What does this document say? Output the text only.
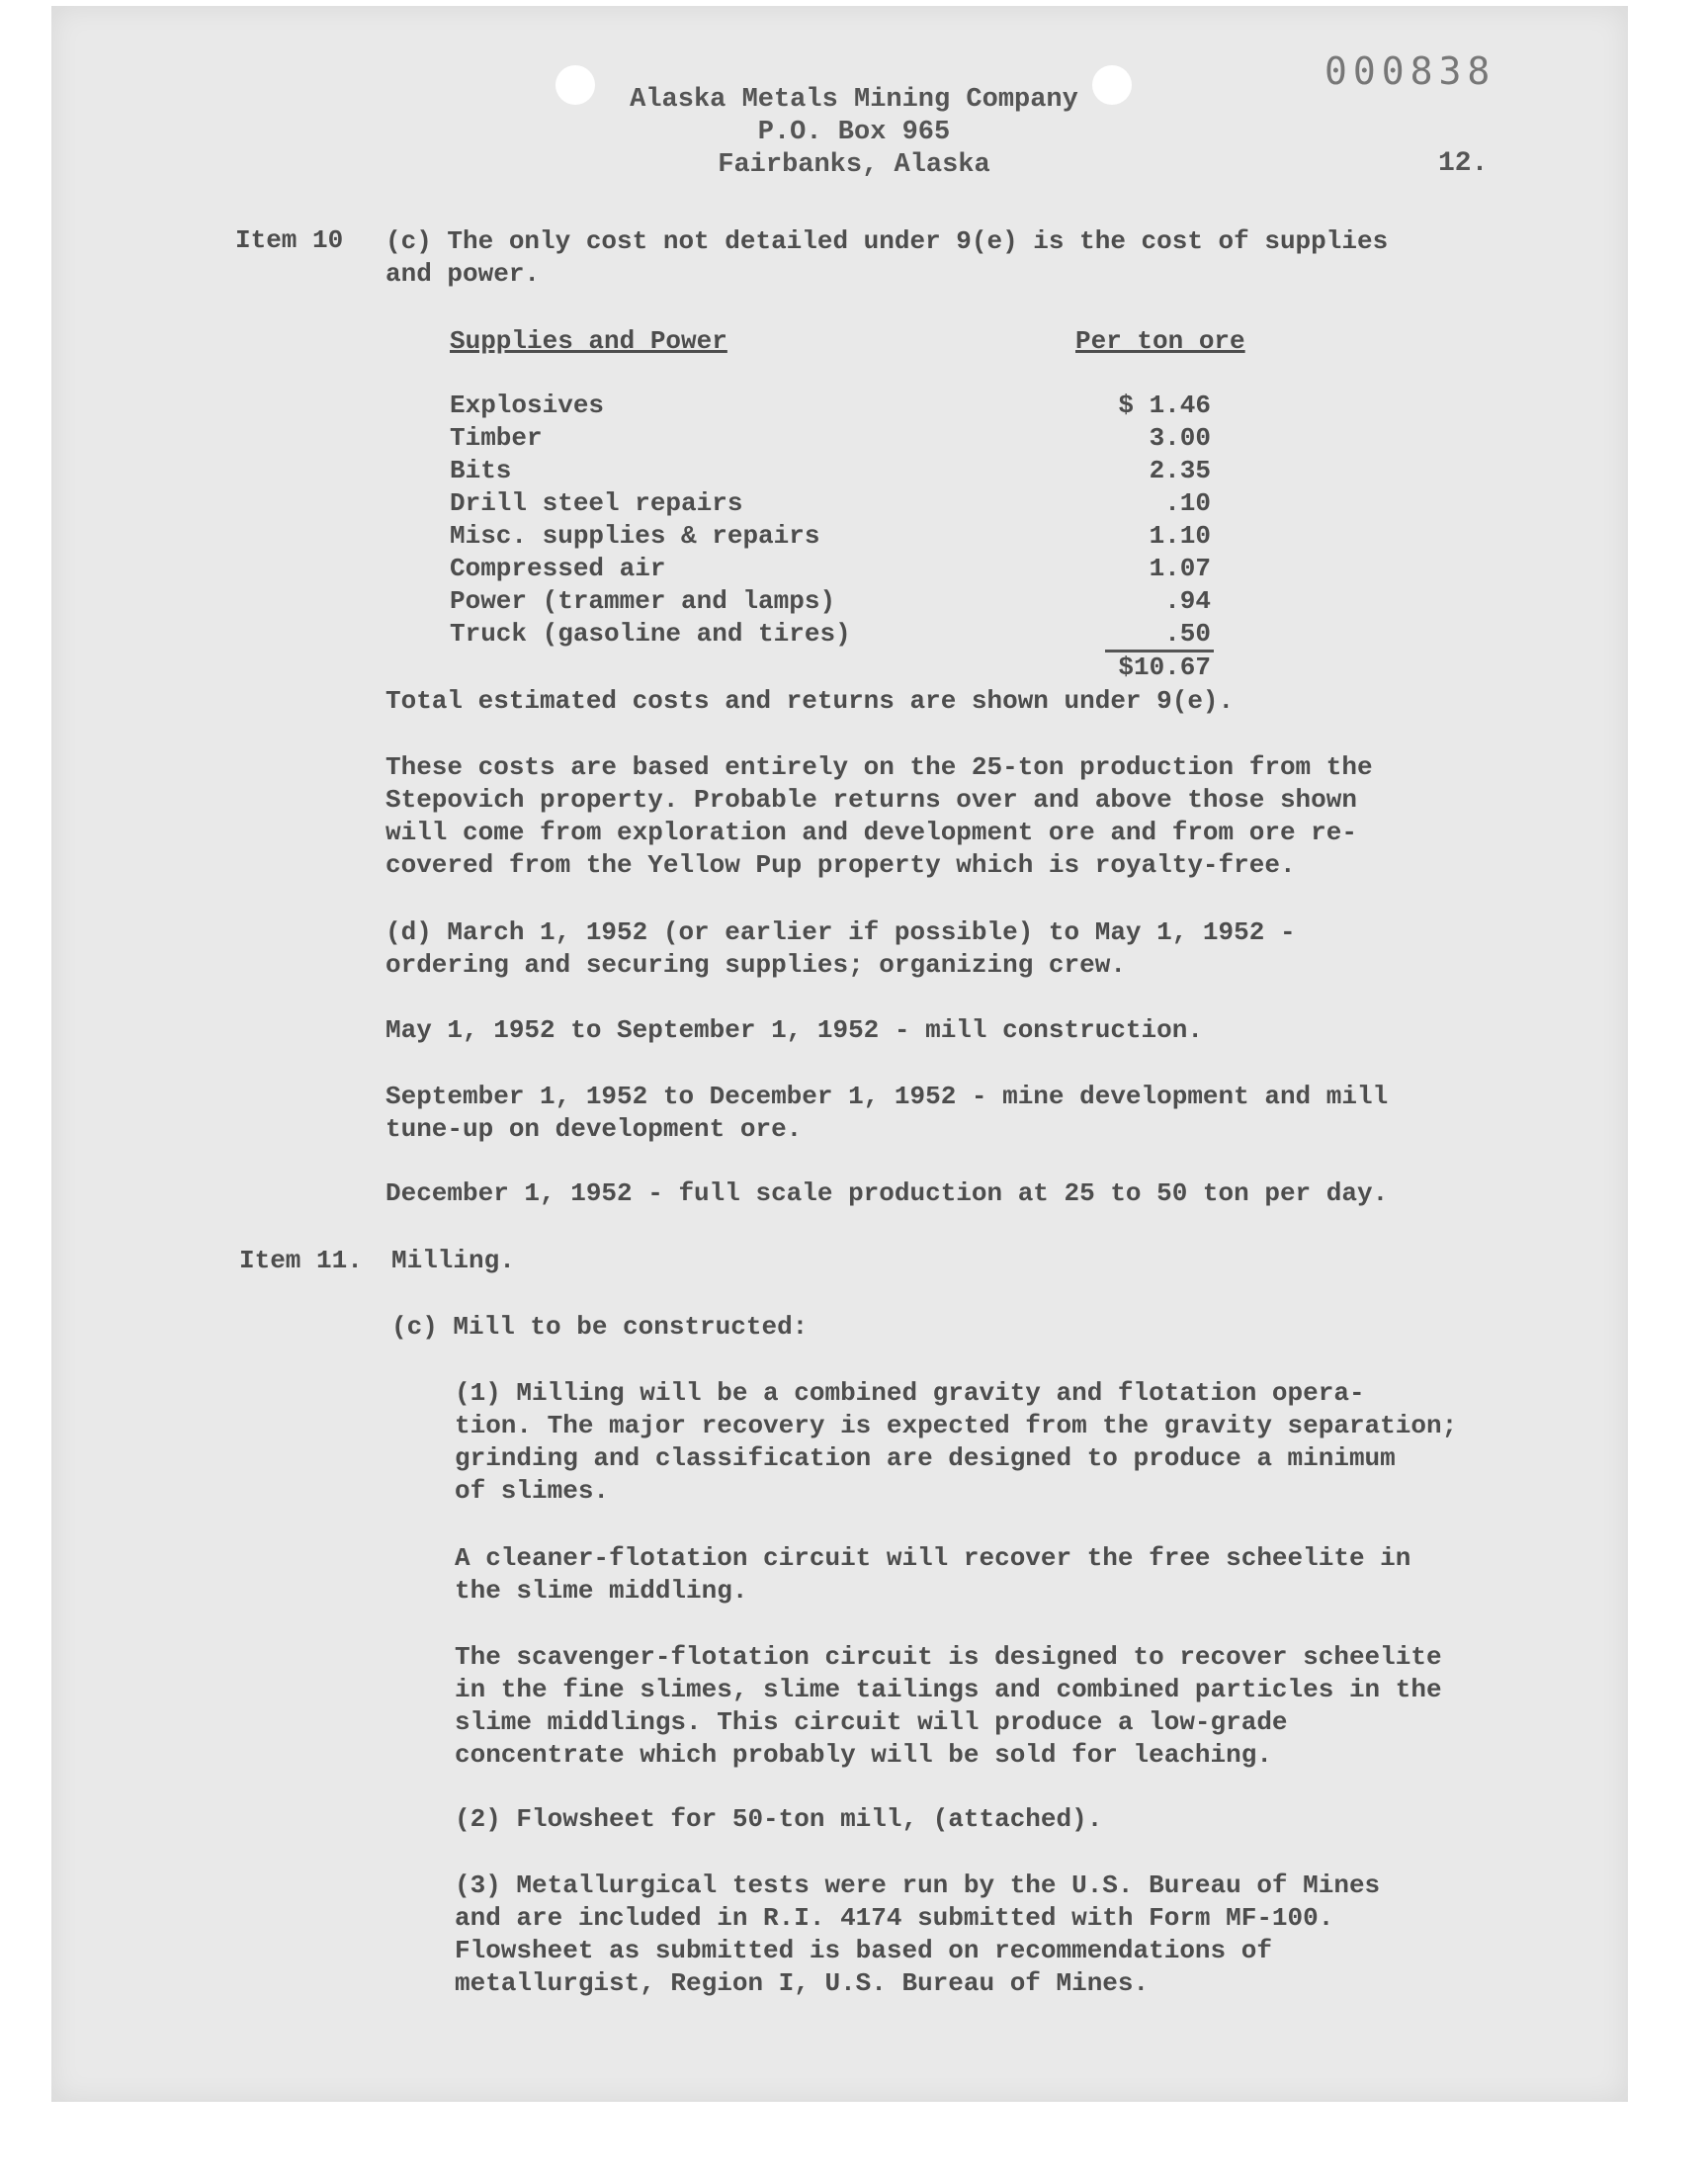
000838
Alaska Metals Mining Company
P.O. Box 965
Fairbanks, Alaska	12.
Item 10 (c) The only cost not detailed under 9(e) is the cost of supplies
and power.
Supplies and Power	Per ton ore
Explosives
Timber
Bits
Drill steel repairs
Misc. supplies & repairs
Compressed air
Power (trammer and lamps)
Truck (gasoline and tires)
$ 1.46
3.00
2.35
.10
1.10
1.07
.94
.50
$10.67
Total estimated costs and returns are shown under 9(e).
These costs are based entirely on the 25-ton production from the
Stepovich property. Probable returns over and above those shown
will come from exploration and development ore and from ore re-
covered from the Yellow Pup property which is royalty-free.
(d) March 1, 1952 (or earlier if possible) to May 1, 1952 -
ordering and securing supplies; organizing crew.
May 1, 1952 to September 1, 1952 - mill construction.
September 1, 1952 to December 1, 1952 - mine development and mill
tune-up on development ore.
December 1, 1952 - full scale production at 25 to 50 ton per day.
Item 11. Milling.
(c) Mill to be constructed:
(1) Milling will be a combined gravity and flotation opera-
tion. The major recovery is expected from the gravity separation;
grinding and classification are designed to produce a minimum
of slimes.
A cleaner-flotation circuit will recover the free scheelite in
the slime middling.
The scavenger-flotation circuit is designed to recover scheelite
in the fine slimes, slime tailings and combined particles in the
slime middlings. This circuit will produce a low-grade
concentrate which probably will be sold for leaching.
(2) Flowsheet for 50-ton mill, (attached).
(3) Metallurgical tests were run by the U.S. Bureau of Mines
and are included in R.I. 4174 submitted with Form MF-100.
Flowsheet as submitted is based on recommendations of
metallurgist, Region I, U.S. Bureau of Mines.
